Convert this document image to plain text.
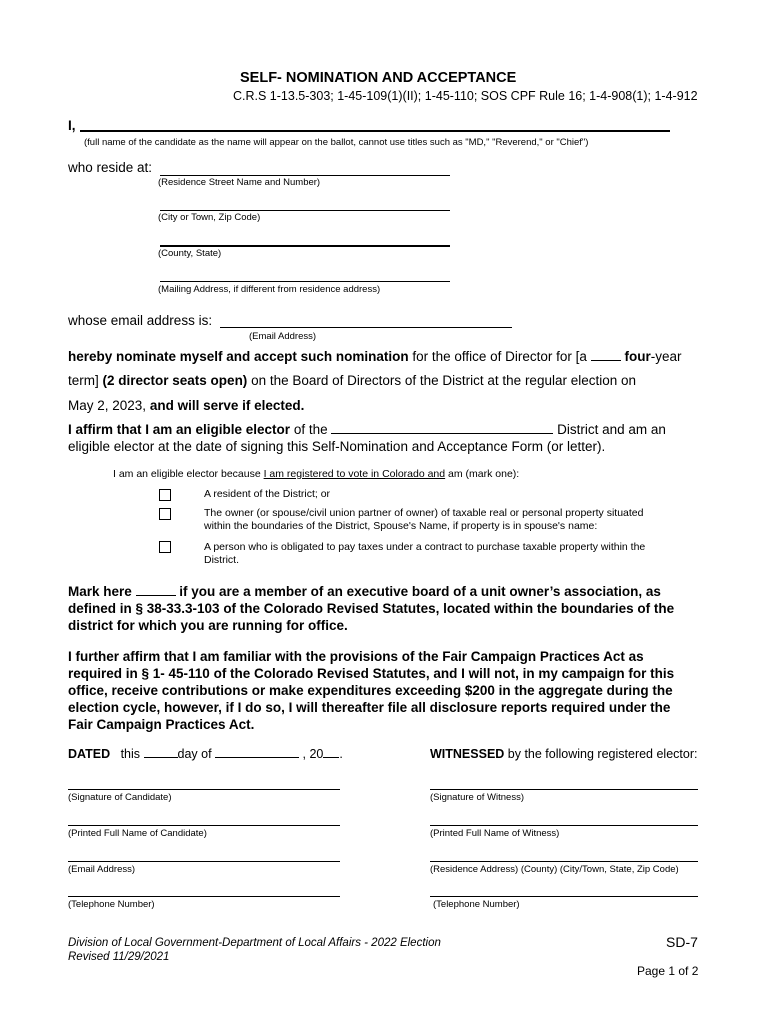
SELF- NOMINATION AND ACCEPTANCE
C.R.S 1-13.5-303; 1-45-109(1)(II); 1-45-110; SOS CPF Rule 16; 1-4-908(1); 1-4-912
I,
(full name of the candidate as the name will appear on the ballot, cannot use titles such as "MD," "Reverend," or "Chief")
who reside at:
(Residence Street Name and Number)
(City or Town, Zip Code)
(County, State)
(Mailing Address, if different from residence address)
whose email address is:
(Email Address)
hereby nominate myself and accept such nomination for the office of Director for [a	four-year
term] (2 director seats open) on the Board of Directors of the District at the regular election on
May 2, 2023, and will serve if elected.
I affirm that I am an eligible elector of the	District and am an
eligible elector at the date of signing this Self-Nomination and Acceptance Form (or letter).
I am an eligible elector because I am registered to vote in Colorado and am (mark one):
A resident of the District; or
The owner (or spouse/civil union partner of owner) of taxable real or personal property situated
within the boundaries of the District, Spouse's Name, if property is in spouse's name:
A person who is obligated to pay taxes under a contract to purchase taxable property within the
District.
Mark here	if you are a member of an executive board of a unit owner’s association, as
defined in § 38-33.3-103 of the Colorado Revised Statutes, located within the boundaries of the
district for which you are running for office.
I further affirm that I am familiar with the provisions of the Fair Campaign Practices Act as
required in § 1- 45-110 of the Colorado Revised Statutes, and I will not, in my campaign for this
office, receive contributions or make expenditures exceeding $200 in the aggregate during the
election cycle, however, if I do so, I will thereafter file all disclosure reports required under the
Fair Campaign Practices Act.
DATED this	day of	, 20 .	WITNESSED by the following registered elector:
(Signature of Candidate)
(Printed Full Name of Candidate)
(Email Address)
(Telephone Number)
(Signature of Witness)
(Printed Full Name of Witness)
(Residence Address) (County) (City/Town, State, Zip Code)
(Telephone Number)
Division of Local Government-Department of Local Affairs - 2022 Election
Revised 11/29/2021
SD-7
Page 1 of 2
